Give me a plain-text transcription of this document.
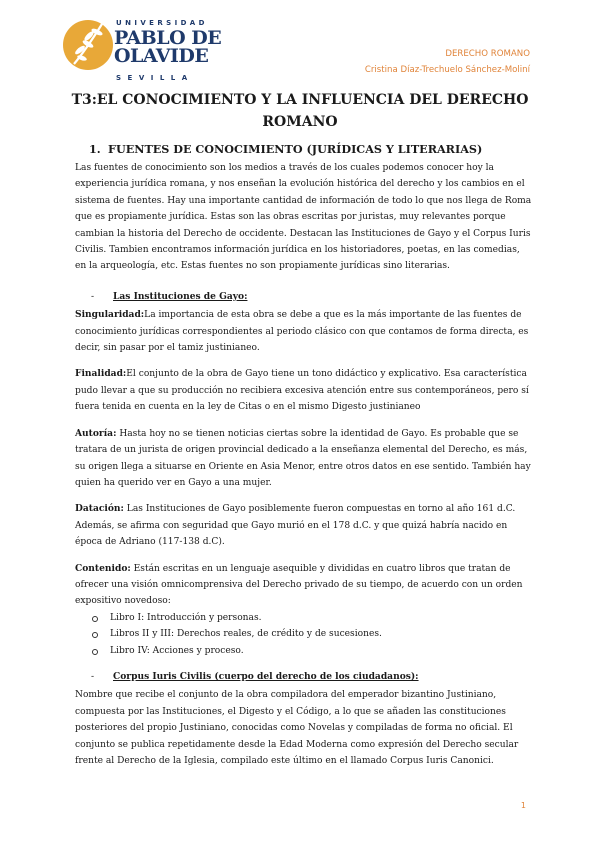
UNIVERSIDAD
PABLO DE
OLAVIDE
SEVILLA
DERECHO ROMANO
Cristina Díaz-Trechuelo Sánchez-Moliní
T3:EL CONOCIMIENTO Y LA INFLUENCIA DEL DERECHO ROMANO

1. FUENTES DE CONOCIMIENTO (JURÍDICAS Y LITERARIAS)

Las fuentes de conocimiento son los medios a través de los cuales podemos conocer hoy la experiencia jurídica romana, y nos enseñan la evolución histórica del derecho y los cambios en el sistema de fuentes. Hay una importante cantidad de información de todo lo que nos llega de Roma que es propiamente jurídica. Estas son las obras escritas por juristas, muy relevantes porque cambian la historia del Derecho de occidente. Destacan las Instituciones de Gayo y el Corpus Iuris Civilis. Tambien encontramos información jurídica en los historiadores, poetas, en las comedias, en la arqueología, etc. Estas fuentes no son propiamente jurídicas sino literarias.

- Las Instituciones de Gayo:

Singularidad:La importancia de esta obra se debe a que es la más importante de las fuentes de conocimiento jurídicas correspondientes al periodo clásico con que contamos de forma directa, es decir, sin pasar por el tamiz justinianeo.

Finalidad:El conjunto de la obra de Gayo tiene un tono didáctico y explicativo. Esa característica pudo llevar a que su producción no recibiera excesiva atención entre sus contemporáneos, pero sí fuera tenida en cuenta en la ley de Citas o en el mismo Digesto justinianeo

Autoría: Hasta hoy no se tienen noticias ciertas sobre la identidad de Gayo. Es probable que se tratara de un jurista de origen provincial dedicado a la enseñanza elemental del Derecho, es más, su origen llega a situarse en Oriente en Asia Menor, entre otros datos en ese sentido. También hay quien ha querido ver en Gayo a una mujer.

Datación: Las Instituciones de Gayo posiblemente fueron compuestas en torno al año 161 d.C. Además, se afirma con seguridad que Gayo murió en el 178 d.C. y que quizá habría nacido en época de Adriano (117-138 d.C).

Contenido: Están escritas en un lenguaje asequible y divididas en cuatro libros que tratan de ofrecer una visión omnicomprensiva del Derecho privado de su tiempo, de acuerdo con un orden expositivo novedoso:

Libro I: Introducción y personas.
Libros II y III: Derechos reales, de crédito y de sucesiones.
Libro IV: Acciones y proceso.

- Corpus Iuris Civilis (cuerpo del derecho de los ciudadanos):

Nombre que recibe el conjunto de la obra compiladora del emperador bizantino Justiniano, compuesta por las Instituciones, el Digesto y el Código, a lo que se añaden las constituciones posteriores del propio Justiniano, conocidas como Novelas y compiladas de forma no oficial. El conjunto se publica repetidamente desde la Edad Moderna como expresión del Derecho secular frente al Derecho de la Iglesia, compilado este último en el llamado Corpus Iuris Canonici.

1
